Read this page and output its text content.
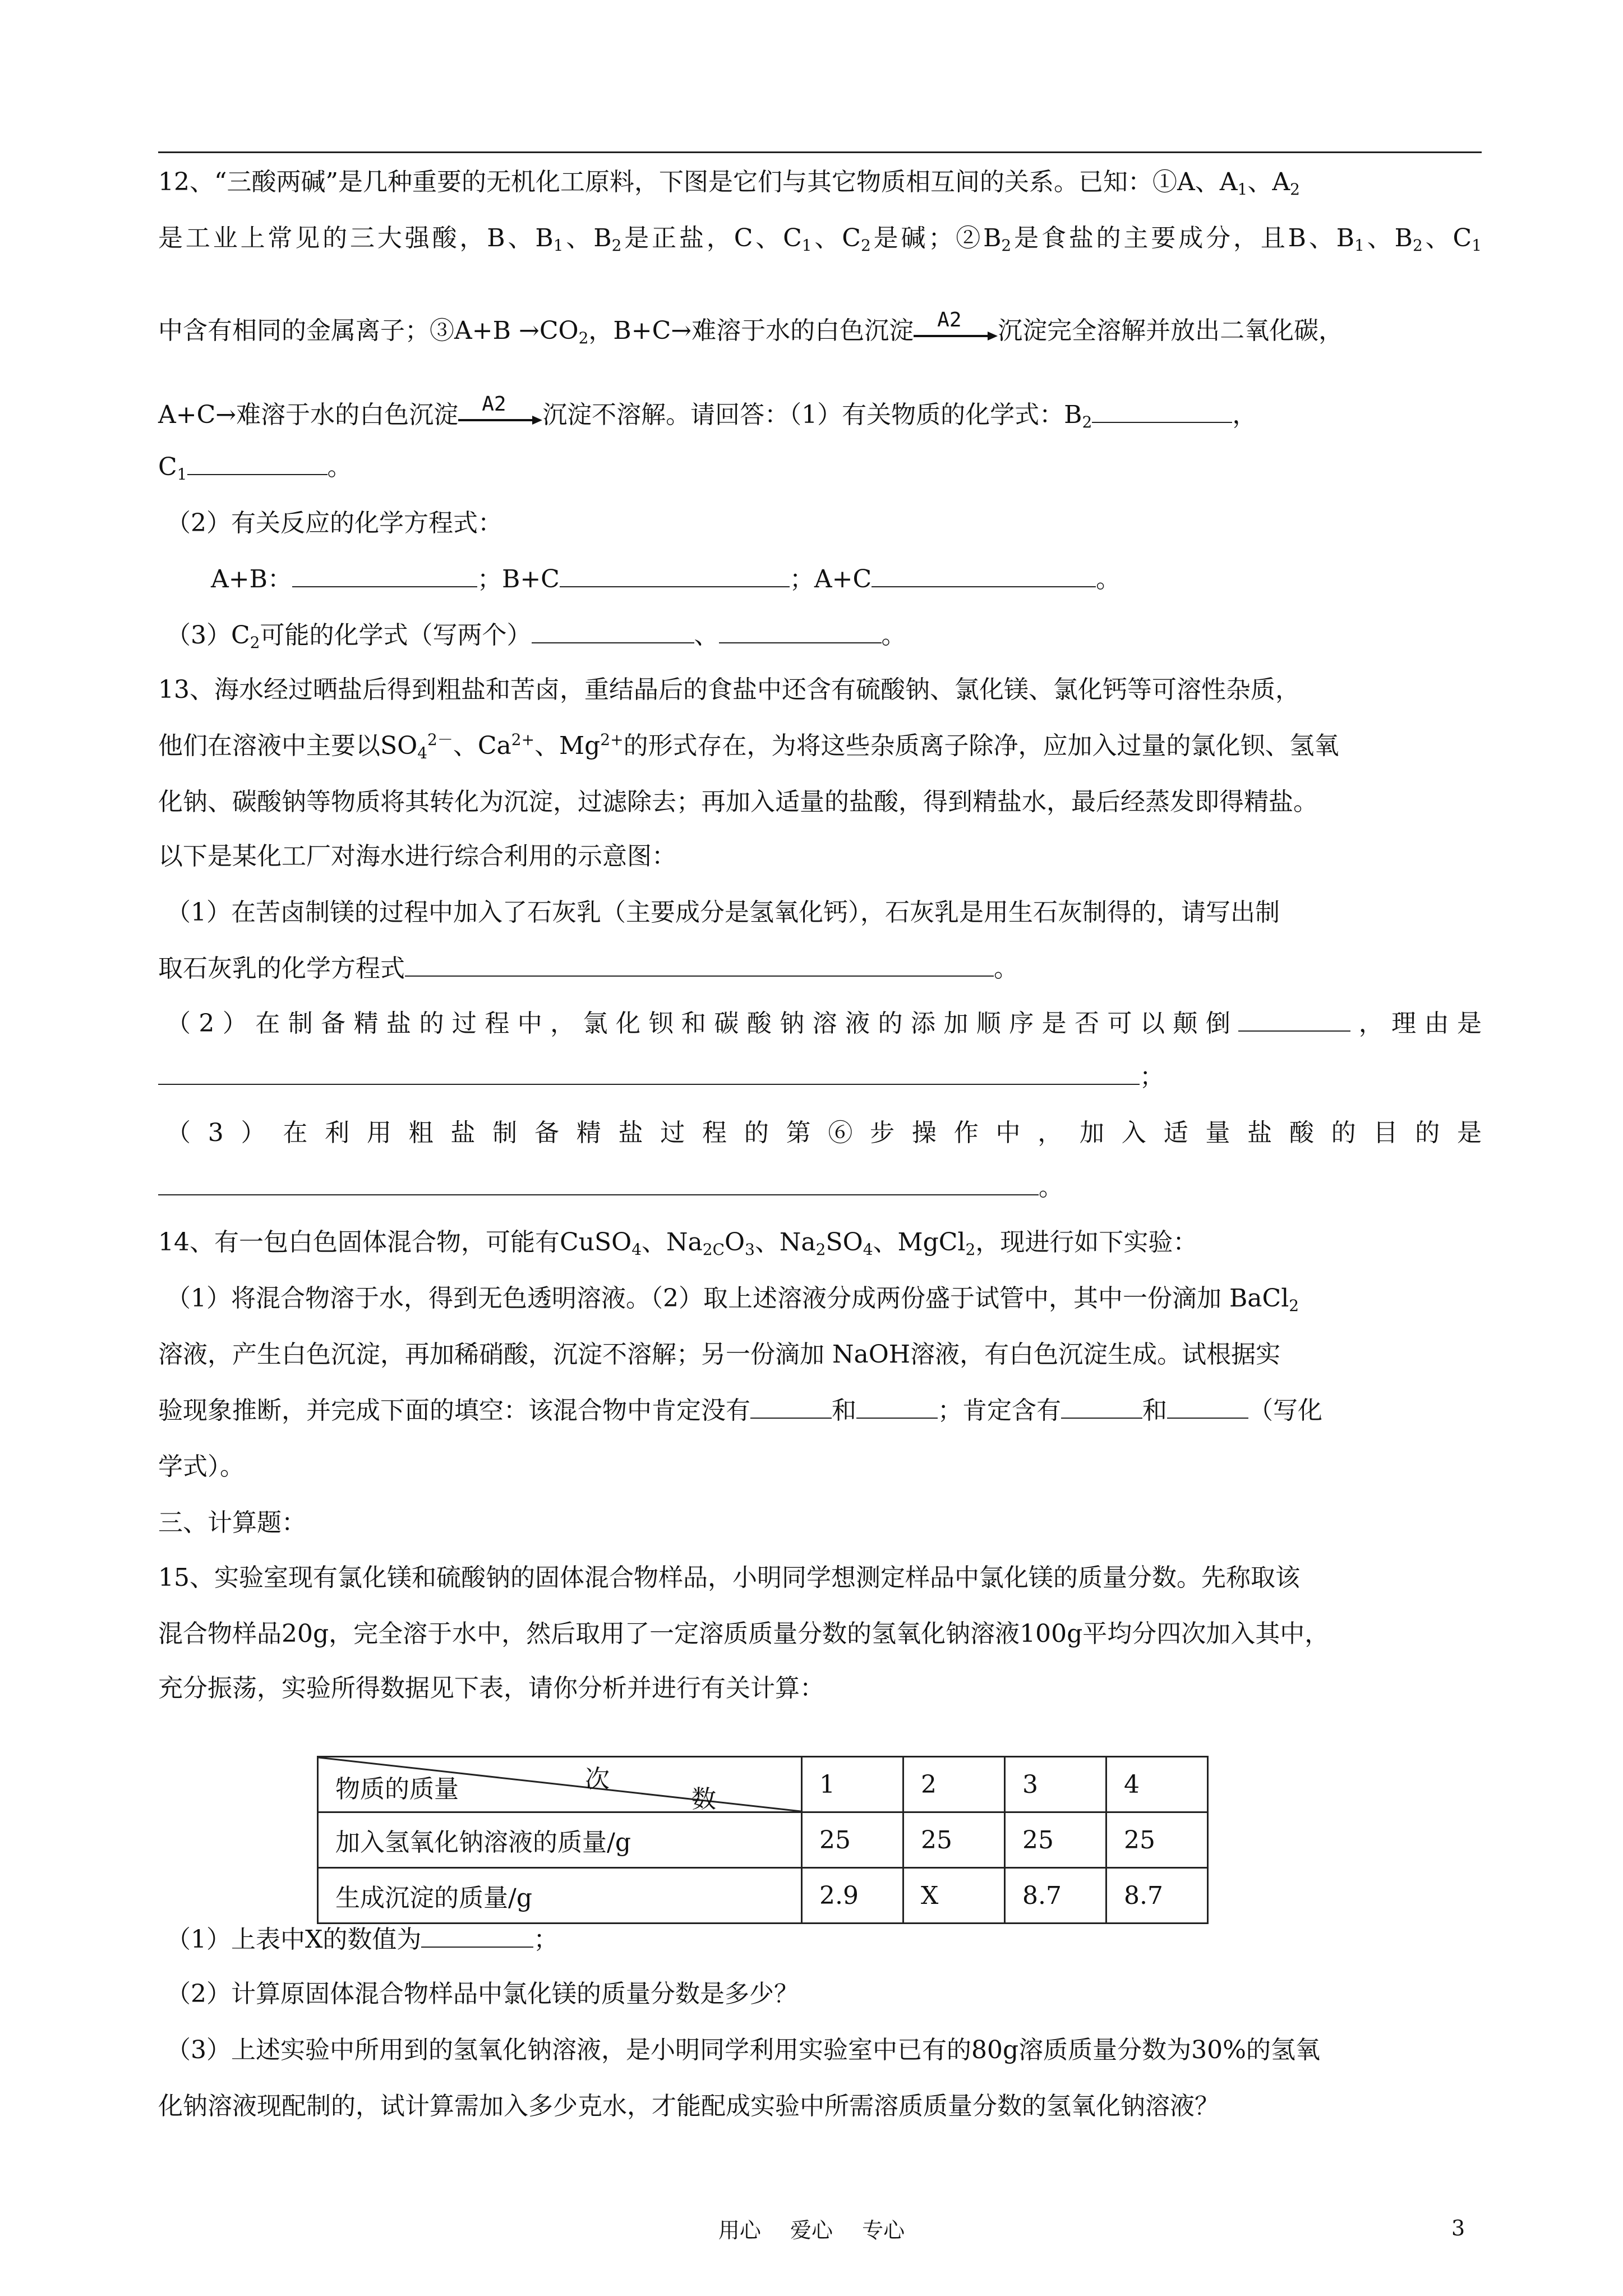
12、“三酸两碱”是几种重要的无机化工原料，下图是它们与其它物质相互间的关系。已知：①A、$A_1$、$A_2$
是工业上常见的三大强酸，B、$B_1$、$B_2$是正盐，C、$C_1$、$C_2$是碱；$②B_2$是食盐的主要成分，且B、$B_1$、$B_2$、$C_1$
中含有相同的金属离子；③A+B $\to CO_2$，B+C→难溶于水的白色沉淀 A2 沉淀完全溶解并放出二氧化碳，
A+C→难溶于水的白色沉淀 A2 沉淀不溶解。请回答：（1）有关物质的化学式：$B_2$	，
$C_1$	。
（2）有关反应的化学方程式：
A+B：	；B+C	；A+C	。
$(3)C_2$可能的化学式（写两个）	、	。
13、海水经过晒盐后得到粗盐和苦卤，重结晶后的食盐中还含有硫酸钠、氯化镁、氯化钙等可溶性杂质，
他们在溶液中主要以$SO_4^{2-}$、$Ca^{2+}$、$Mg^{2+}$的形式存在，为将这些杂质离子除净，应加入过量的氯化钡、氢氧
化钠、碳酸钠等物质将其转化为沉淀，过滤除去；再加入适量的盐酸，得到精盐水，最后经蒸发即得精盐。
以下是某化工厂对海水进行综合利用的示意图：
（1）在苦卤制镁的过程中加入了石灰乳（主要成分是氢氧化钙），石灰乳是用生石灰制得的，请写出制
取石灰乳的化学方程式	。
（2）在制备精盐的过程中，氯化钡和碳酸钠溶液的添加顺序是否可以颠倒	，理由是
；
（3）在利用粗盐制备精盐过程的第⑥步操作中，加入适量盐酸的目的是
。
14、有一包白色固体混合物，可能有CuSO$_4$、$Na_{2C}O_3$、$Na_2SO_4$、MgCl$_2$，现进行如下实验：
（1）将混合物溶于水，得到无色透明溶液。（2）取上述溶液分成两份盛于试管中，其中一份滴加 BaCl$_2$
溶液，产生白色沉淀，再加稀硝酸，沉淀不溶解；另一份滴加 NaOH溶液，有白色沉淀生成。试根据实
验现象推断，并完成下面的填空：该混合物中肯定没有	和	；肯定含有	和	（写化
学式）。
三、计算题：
15、实验室现有氯化镁和硫酸钠的固体混合物样品，小明同学想测定样品中氯化镁的质量分数。先称取该
混合物样品20g，完全溶于水中，然后取用了一定溶质质量分数的氢氧化钠溶液100g平均分四次加入其中，
充分振荡，实验所得数据见下表，请你分析并进行有关计算：
次
数
物质的质量	1	2	3	4
加入氢氧化钠溶液的质量/g	25	25	25	25
生成沉淀的质量/g	2.9	X	8.7	8.7
（1）上表中X的数值为	；
（2）计算原固体混合物样品中氯化镁的质量分数是多少？
（3）上述实验中所用到的氢氧化钠溶液，是小明同学利用实验室中已有的80g溶质质量分数为30%的氢氧
化钠溶液现配制的，试计算需加入多少克水，才能配成实验中所需溶质质量分数的氢氧化钠溶液？
用心 爱心 专心	3
